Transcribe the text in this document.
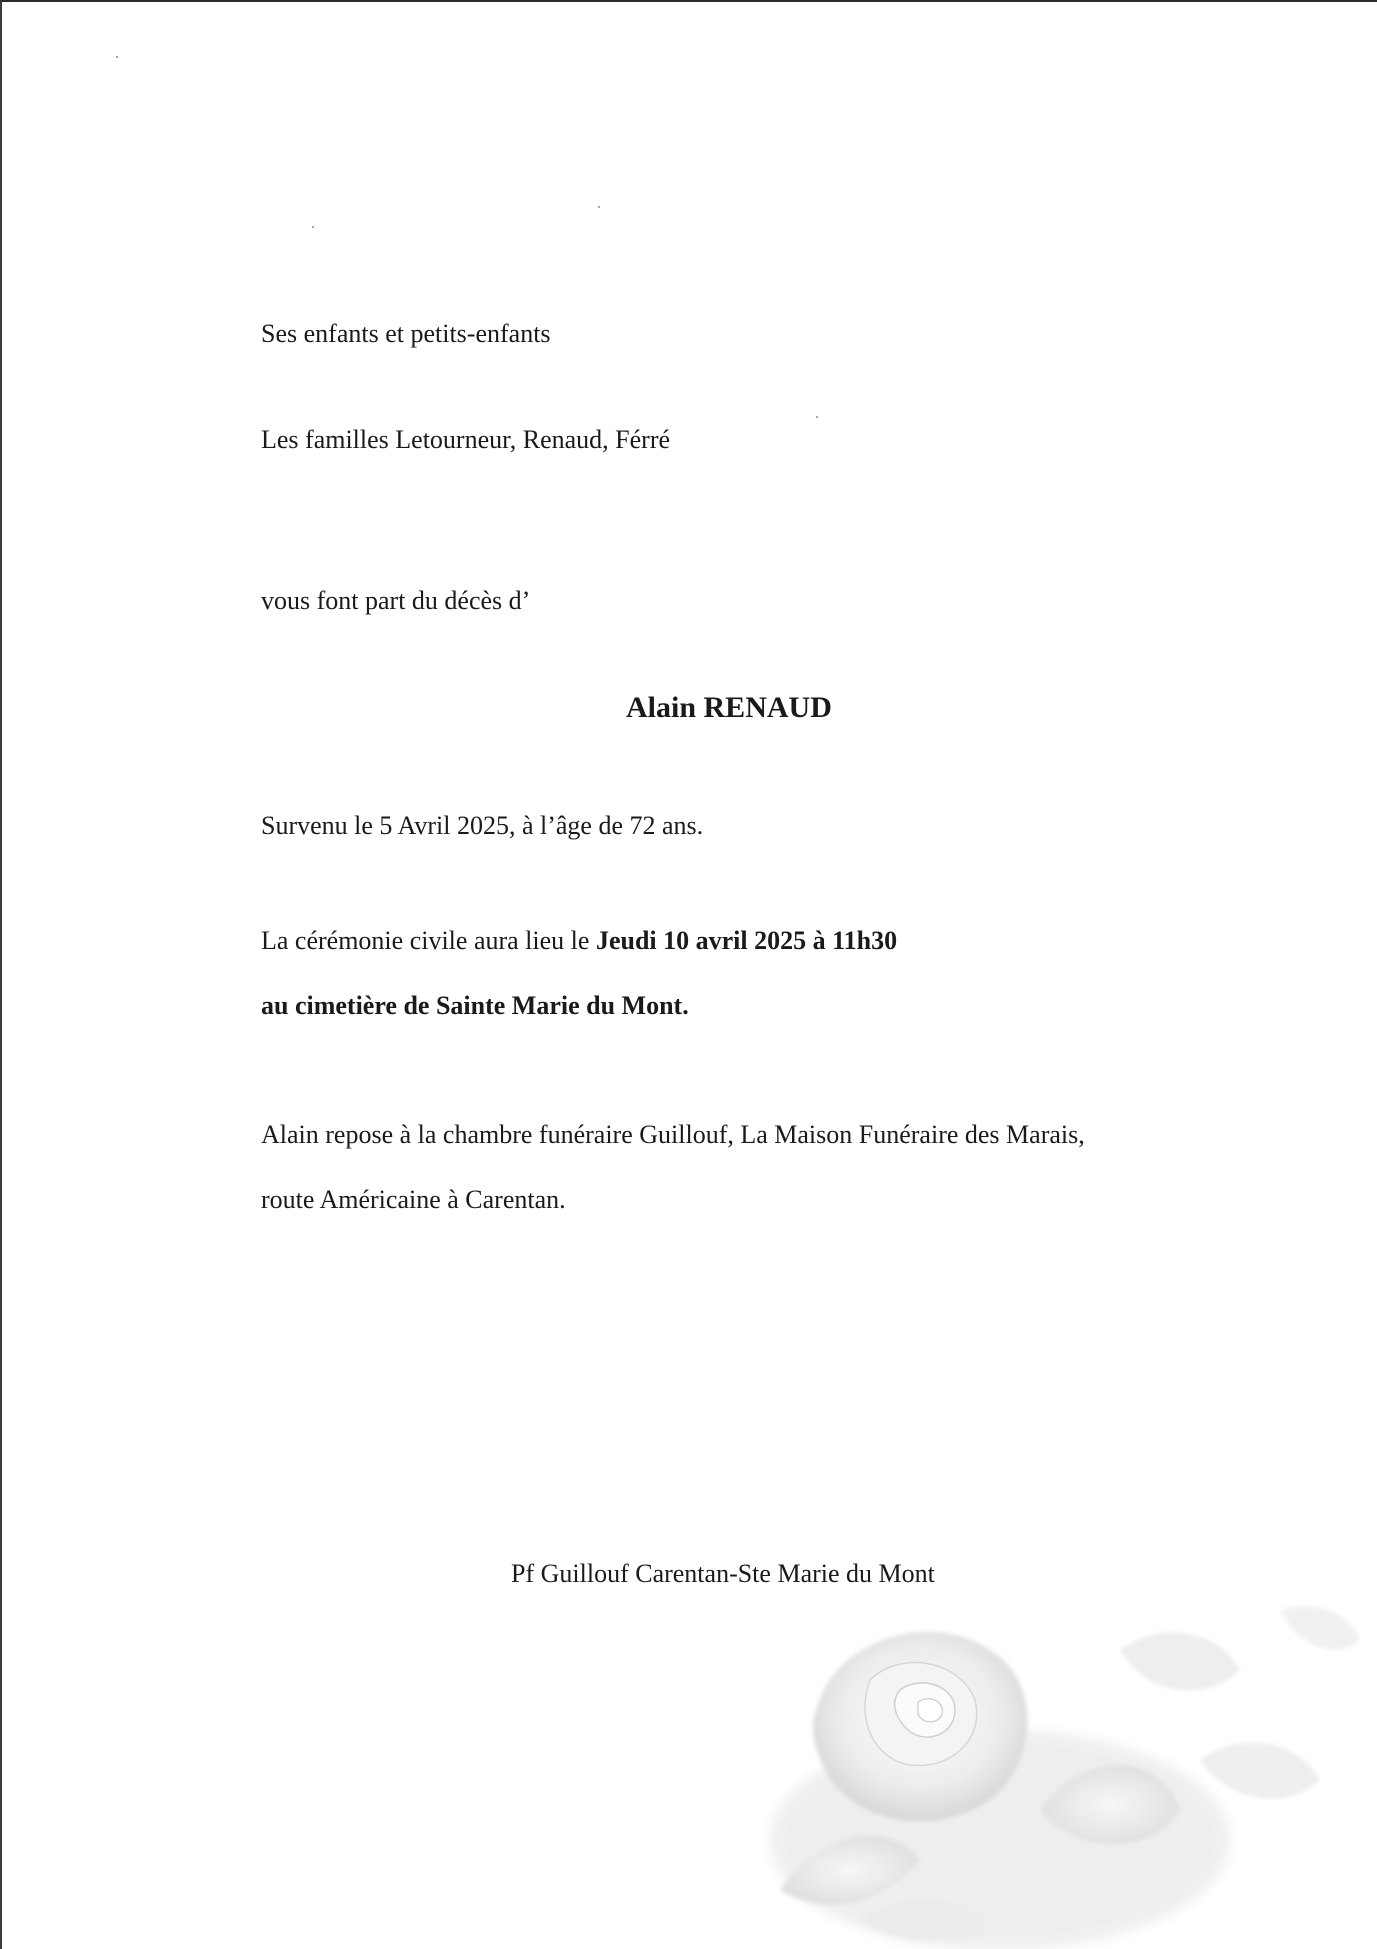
Ses enfants et petits-enfants

Les familles Letourneur, Renaud, Férré

vous font part du décès d’

Alain RENAUD

Survenu le 5 Avril 2025, à l’âge de 72 ans.

La cérémonie civile aura lieu le Jeudi 10 avril 2025 à 11h30

au cimetière de Sainte Marie du Mont.

Alain repose à la chambre funéraire Guillouf, La Maison Funéraire des Marais,

route Américaine à Carentan.

Pf Guillouf Carentan-Ste Marie du Mont
